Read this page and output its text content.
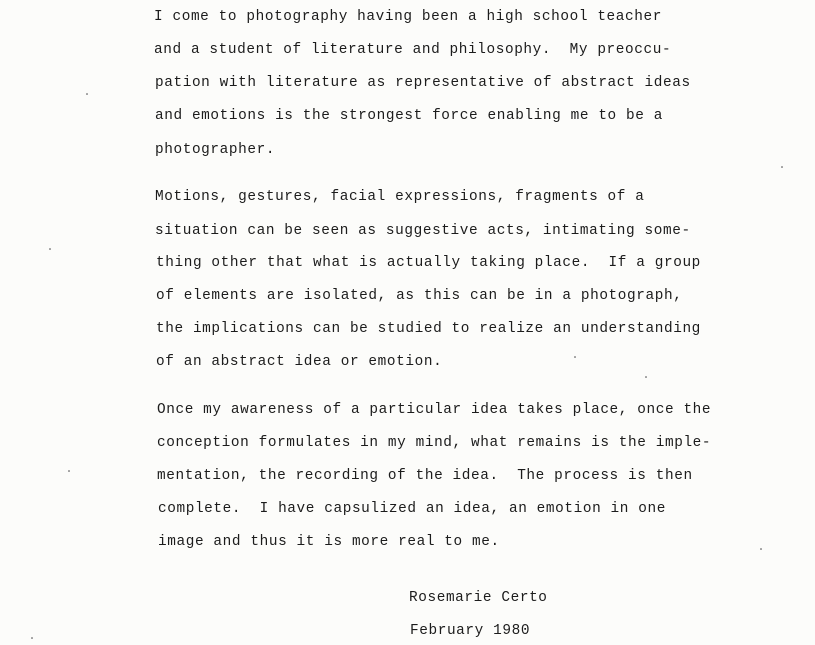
I come to photography having been a high school teacher
and a student of literature and philosophy.  My preoccu-
pation with literature as representative of abstract ideas
and emotions is the strongest force enabling me to be a
photographer.
Motions, gestures, facial expressions, fragments of a
situation can be seen as suggestive acts, intimating some-
thing other that what is actually taking place.  If a group
of elements are isolated, as this can be in a photograph,
the implications can be studied to realize an understanding
of an abstract idea or emotion.
Once my awareness of a particular idea takes place, once the
conception formulates in my mind, what remains is the imple-
mentation, the recording of the idea.  The process is then
complete.  I have capsulized an idea, an emotion in one
image and thus it is more real to me.
Rosemarie Certo
February 1980
